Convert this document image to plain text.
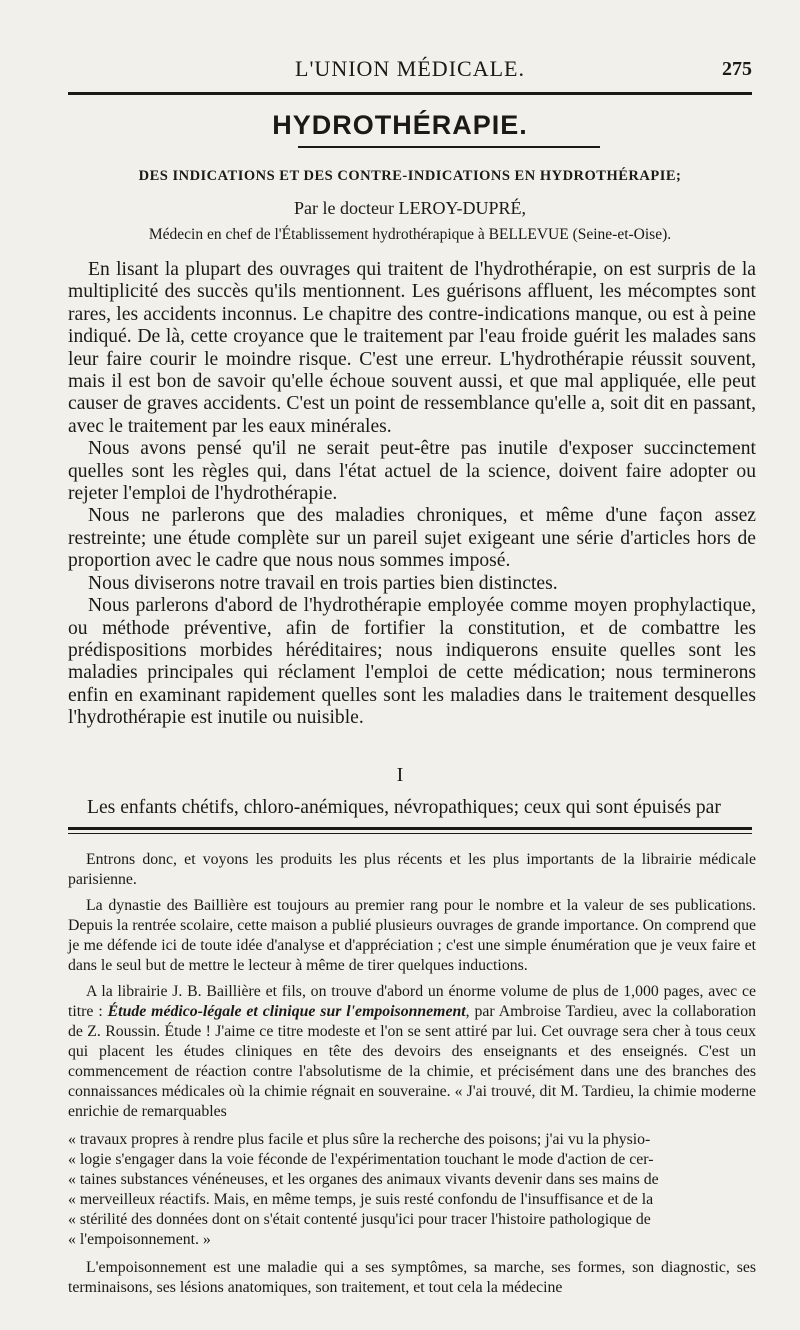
L'UNION MÉDICALE.	275
HYDROTHÉRAPIE.
DES INDICATIONS ET DES CONTRE-INDICATIONS EN HYDROTHÉRAPIE;
Par le docteur LEROY-DUPRÉ,
Médecin en chef de l'Établissement hydrothérapique à BELLEVUE (Seine-et-Oise).

En lisant la plupart des ouvrages qui traitent de l'hydrothérapie, on est surpris de la multiplicité des succès qu'ils mentionnent. Les guérisons affluent, les mécomptes sont rares, les accidents inconnus. Le chapitre des contre-indications manque, ou est à peine indiqué. De là, cette croyance que le traitement par l'eau froide guérit les malades sans leur faire courir le moindre risque. C'est une erreur. L'hydrothérapie réussit souvent, mais il est bon de savoir qu'elle échoue souvent aussi, et que mal appliquée, elle peut causer de graves accidents. C'est un point de ressemblance qu'elle a, soit dit en passant, avec le traitement par les eaux minérales.

Nous avons pensé qu'il ne serait peut-être pas inutile d'exposer succinctement quelles sont les règles qui, dans l'état actuel de la science, doivent faire adopter ou rejeter l'emploi de l'hydrothérapie.

Nous ne parlerons que des maladies chroniques, et même d'une façon assez restreinte; une étude complète sur un pareil sujet exigeant une série d'articles hors de proportion avec le cadre que nous nous sommes imposé.

Nous diviserons notre travail en trois parties bien distinctes.

Nous parlerons d'abord de l'hydrothérapie employée comme moyen prophylactique, ou méthode préventive, afin de fortifier la constitution, et de combattre les prédispositions morbides héréditaires; nous indiquerons ensuite quelles sont les maladies principales qui réclament l'emploi de cette médication; nous terminerons enfin en examinant rapidement quelles sont les maladies dans le traitement desquelles l'hydrothérapie est inutile ou nuisible.

I
Les enfants chétifs, chloro-anémiques, névropathiques; ceux qui sont épuisés par

Entrons donc, et voyons les produits les plus récents et les plus importants de la librairie médicale parisienne.

La dynastie des Baillière est toujours au premier rang pour le nombre et la valeur de ses publications. Depuis la rentrée scolaire, cette maison a publié plusieurs ouvrages de grande importance. On comprend que je me défende ici de toute idée d'analyse et d'appréciation ; c'est une simple énumération que je veux faire et dans le seul but de mettre le lecteur à même de tirer quelques inductions.

A la librairie J. B. Baillière et fils, on trouve d'abord un énorme volume de plus de 1,000 pages, avec ce titre : Étude médico-légale et clinique sur l'empoisonnement, par Ambroise Tardieu, avec la collaboration de Z. Roussin. Étude ! J'aime ce titre modeste et l'on se sent attiré par lui. Cet ouvrage sera cher à tous ceux qui placent les études cliniques en tête des devoirs des enseignants et des enseignés. C'est un commencement de réaction contre l'absolutisme de la chimie, et précisément dans une des branches des connaissances médicales où la chimie régnait en souveraine. « J'ai trouvé, dit M. Tardieu, la chimie moderne enrichie de remarquables

« travaux propres à rendre plus facile et plus sûre la recherche des poisons; j'ai vu la physio-

« logie s'engager dans la voie féconde de l'expérimentation touchant le mode d'action de cer-

« taines substances vénéneuses, et les organes des animaux vivants devenir dans ses mains de

« merveilleux réactifs. Mais, en même temps, je suis resté confondu de l'insuffisance et de la

« stérilité des données dont on s'était contenté jusqu'ici pour tracer l'histoire pathologique de

« l'empoisonnement. »

L'empoisonnement est une maladie qui a ses symptômes, sa marche, ses formes, son diagnostic, ses terminaisons, ses lésions anatomiques, son traitement, et tout cela la médecine
